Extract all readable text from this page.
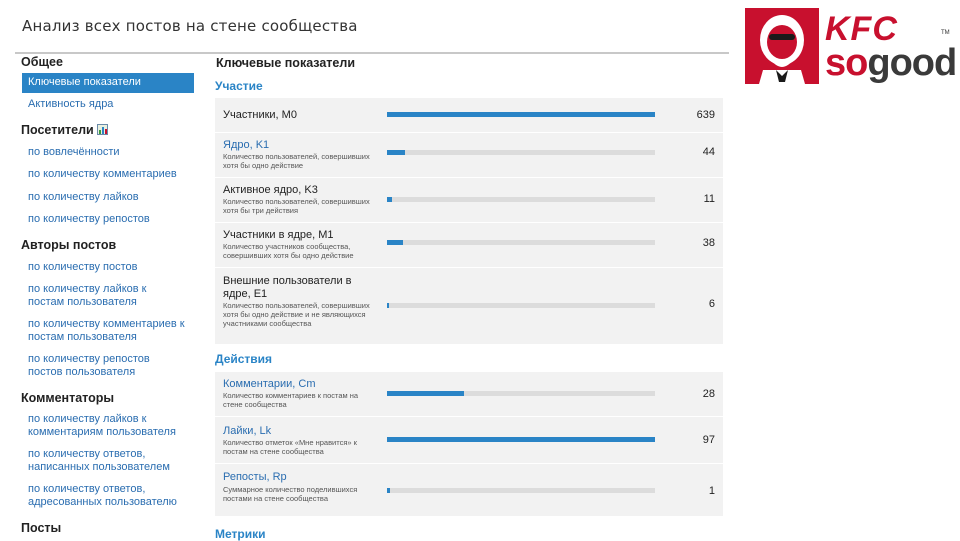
Анализ всех постов на стене сообщества	KFC
sogood
TM
Общее
Ключевые показатели
Активность ядра
Посетители
по вовлечённости
по количеству комментариев
по количеству лайков
по количеству репостов
Авторы постов
по количеству постов
по количеству лайков к постам пользователя
по количеству комментариев к постам пользователя
по количеству репостов постов пользователя
Комментаторы
по количеству лайков к комментариям пользователя
по количеству ответов, написанных пользователем
по количеству ответов, адресованных пользователю
Посты
Ключевые показатели
Участие
Участники, M0	639
Ядро, K1
Количество пользователей, совершивших хотя бы одно действие
44
Активное ядро, K3
Количество пользователей, совершивших хотя бы три действия
11
Участники в ядре, M1
Количество участников сообщества, совершивших хотя бы одно действие
38
Внешние пользователи в ядре, E1
Количество пользователей, совершивших хотя бы одно действие и не являющихся участниками сообщества
6
Действия
Комментарии, Cm
Количество комментариев к постам на стене сообщества
28
Лайки, Lk
Количество отметок «Мне нравится» к постам на стене сообщества
97
Репосты, Rp
Суммарное количество поделившихся постами на стене сообщества
1
Метрики
